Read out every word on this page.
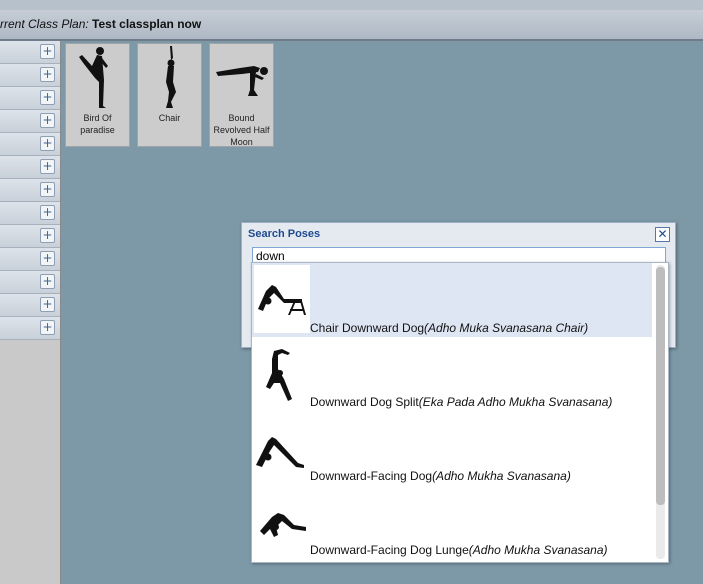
rrent Class Plan: Test classplan now
+
+
+
+
+
+
+
+
+
+
+
+
+
Bird Of paradise
Chair	Bound Revolved Half Moon
Search Poses	✕
down
Chair Downward Dog(Adho Muka Svanasana Chair)
Downward Dog Split(Eka Pada Adho Mukha Svanasana)
Downward-Facing Dog(Adho Mukha Svanasana)
Downward-Facing Dog Lunge(Adho Mukha Svanasana)
